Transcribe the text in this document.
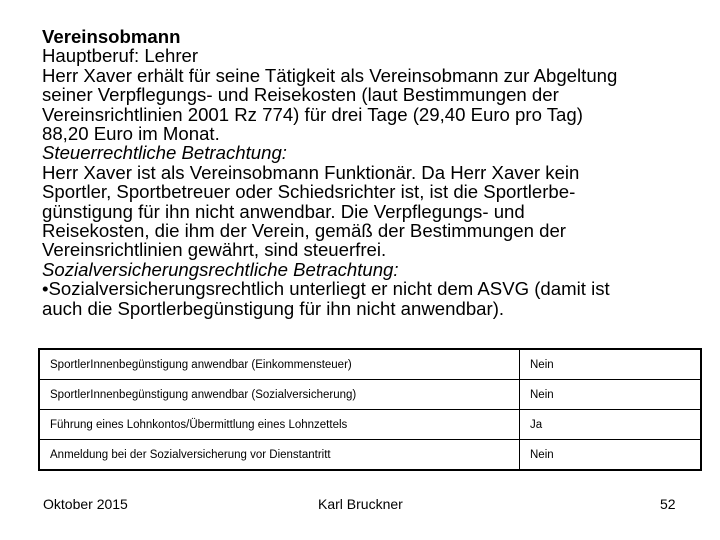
Vereinsobmann
Hauptberuf: Lehrer
Herr Xaver erhält für seine Tätigkeit als Vereinsobmann zur Abgeltung
seiner Verpflegungs- und Reisekosten (laut Bestimmungen der
Vereinsrichtlinien 2001 Rz 774) für drei Tage (29,40 Euro pro Tag)
88,20 Euro im Monat.
Steuerrechtliche Betrachtung:
Herr Xaver ist als Vereinsobmann Funktionär. Da Herr Xaver kein
Sportler, Sportbetreuer oder Schiedsrichter ist, ist die Sportlerbe-
günstigung für ihn nicht anwendbar. Die Verpflegungs- und
Reisekosten, die ihm der Verein, gemäß der Bestimmungen der
Vereinsrichtlinien gewährt, sind steuerfrei.
Sozialversicherungsrechtliche Betrachtung:
•Sozialversicherungsrechtlich unterliegt er nicht dem ASVG (damit ist
auch die Sportlerbegünstigung für ihn nicht anwendbar).
SportlerInnenbegünstigung anwendbar (Einkommensteuer)	Nein
SportlerInnenbegünstigung anwendbar (Sozialversicherung)	Nein
Führung eines Lohnkontos/Übermittlung eines Lohnzettels	Ja
Anmeldung bei der Sozialversicherung vor Dienstantritt	Nein
Oktober 2015	Karl Bruckner	52
